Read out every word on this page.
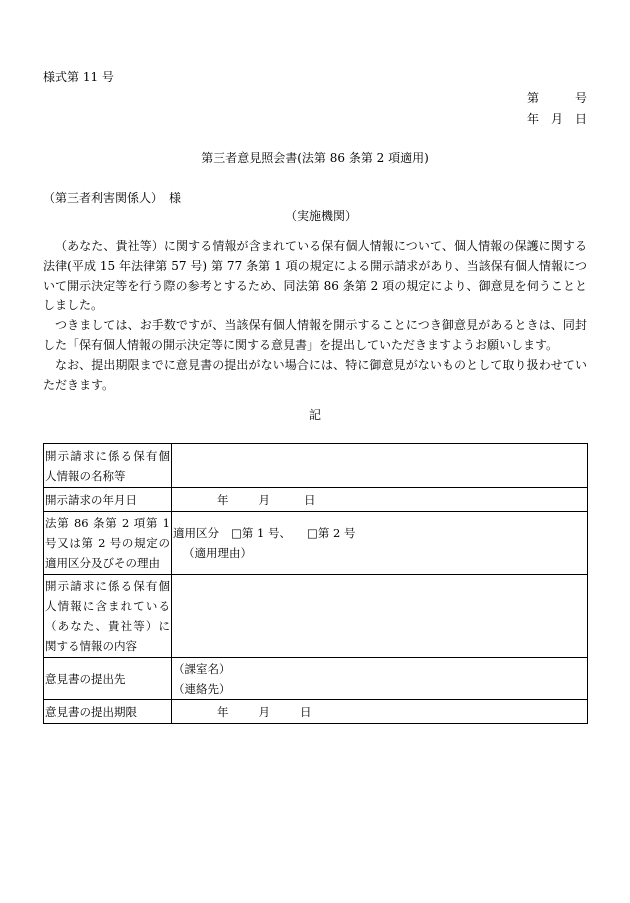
様式第 11 号
第　　　号
年　月　日
第三者意見照会書(法第 86 条第 2 項適用)
（第三者利害関係人）　様
（実施機関）

（あなた、貴社等）に関する情報が含まれている保有個人情報について、個人情報の保護に関する法律(平成 15 年法律第 57 号) 第 77 条第 1 項の規定による開示請求があり、当該保有個人情報について開示決定等を行う際の参考とするため、同法第 86 条第 2 項の規定により、御意見を伺うこととしました。

つきましては、お手数ですが、当該保有個人情報を開示することにつき御意見があるときは、同封した「保有個人情報の開示決定等に関する意見書」を提出していただきますようお願いします。

なお、提出期限までに意見書の提出がない場合には、特に御意見がないものとして取り扱わせていただきます。

記
開示請求に係る保有個人情報の名称等	
開示請求の年月日	年 月 日
法第 86 条第 2 項第 1 号又は第 2 号の規定の適用区分及びその理由	適用区分 □第 1 号、 □第 2 号
（適用理由）

開示請求に係る保有個人情報に含まれている（あなた、貴社等）に関する情報の内容	
意見書の提出先	（課室名）
（連絡先）

意見書の提出期限	年 月 日
